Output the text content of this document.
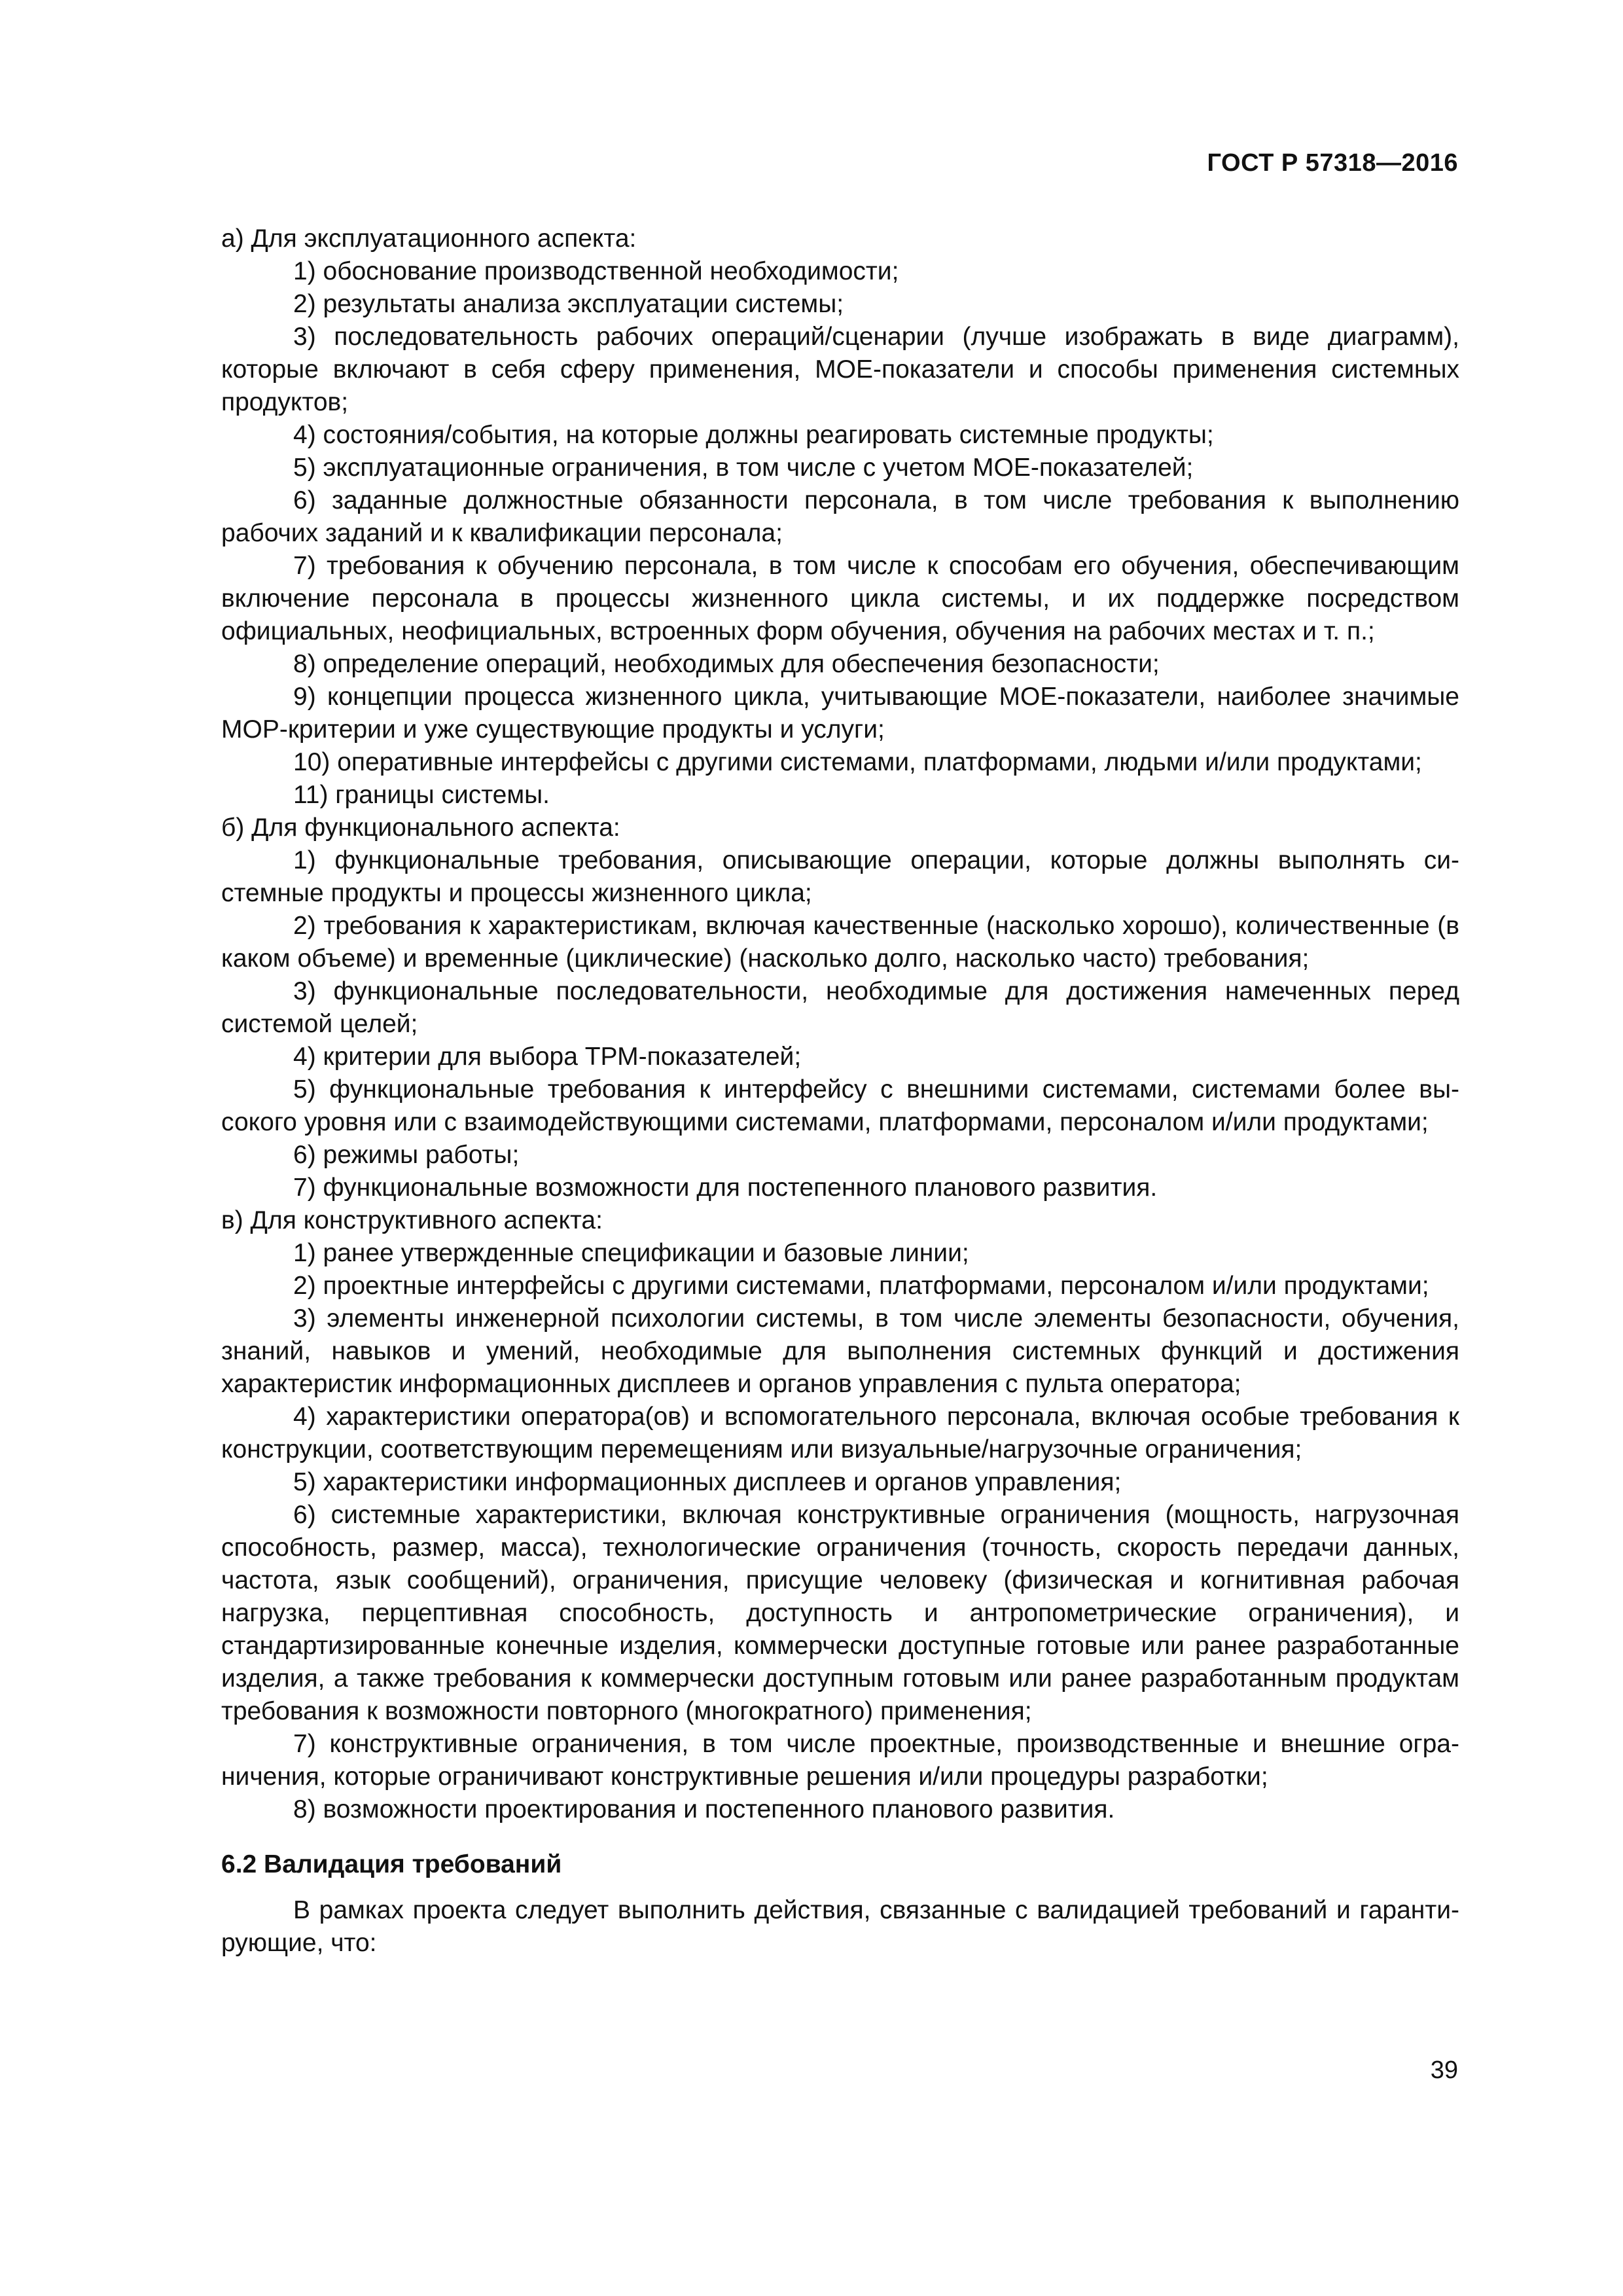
ГОСТ Р 57318—2016

а) Для эксплуатационного аспекта:

1) обоснование производственной необходимости;

2) результаты анализа эксплуатации системы;

3) последовательность рабочих операций/сценарии (лучше изображать в виде диаграмм), которые включают в себя сферу применения, МОЕ-показатели и способы применения системных продуктов;

4) состояния/события, на которые должны реагировать системные продукты;

5) эксплуатационные ограничения, в том числе с учетом МОЕ-показателей;

6) заданные должностные обязанности персонала, в том числе требования к выполнению рабочих заданий и к квалификации персонала;

7) требования к обучению персонала, в том числе к способам его обучения, обеспечивающим включение персонала в процессы жизненного цикла системы, и их поддержке посредством официальных, неофициальных, встроенных форм обучения, обучения на рабочих местах и т. п.;

8) определение операций, необходимых для обеспечения безопасности;

9) концепции процесса жизненного цикла, учитывающие МОЕ-показатели, наиболее значимые МОР-критерии и уже существующие продукты и услуги;

10) оперативные интерфейсы с другими системами, платформами, людьми и/или продуктами;

11) границы системы.

б) Для функционального аспекта:

1) функциональные требования, описывающие операции, которые должны выполнять системные продукты и процессы жизненного цикла;

2) требования к характеристикам, включая качественные (насколько хорошо), количественные (в каком объеме) и временные (циклические) (насколько долго, насколько часто) требования;

3) функциональные последовательности, необходимые для достижения намеченных перед системой целей;

4) критерии для выбора ТРМ-показателей;

5) функциональные требования к интерфейсу с внешними системами, системами более высокого уровня или с взаимодействующими системами, платформами, персоналом и/или продуктами;

6) режимы работы;

7) функциональные возможности для постепенного планового развития.

в) Для конструктивного аспекта:

1) ранее утвержденные спецификации и базовые линии;

2) проектные интерфейсы с другими системами, платформами, персоналом и/или продуктами;

3) элементы инженерной психологии системы, в том числе элементы безопасности, обучения, знаний, навыков и умений, необходимые для выполнения системных функций и достижения характеристик информационных дисплеев и органов управления с пульта оператора;

4) характеристики оператора(ов) и вспомогательного персонала, включая особые требования к конструкции, соответствующим перемещениям или визуальные/нагрузочные ограничения;

5) характеристики информационных дисплеев и органов управления;

6) системные характеристики, включая конструктивные ограничения (мощность, нагрузочная способность, размер, масса), технологические ограничения (точность, скорость передачи данных, частота, язык сообщений), ограничения, присущие человеку (физическая и когнитивная рабочая нагрузка, перцептивная способность, доступность и антропометрические ограничения), и стандартизированные конечные изделия, коммерчески доступные готовые или ранее разработанные изделия, а также требования к коммерчески доступным готовым или ранее разработанным продуктам требования к возможности повторного (многократного) применения;

7) конструктивные ограничения, в том числе проектные, производственные и внешние ограничения, которые ограничивают конструктивные решения и/или процедуры разработки;

8) возможности проектирования и постепенного планового развития.

6.2 Валидация требований

В рамках проекта следует выполнить действия, связанные с валидацией требований и гарантирующие, что:

39
